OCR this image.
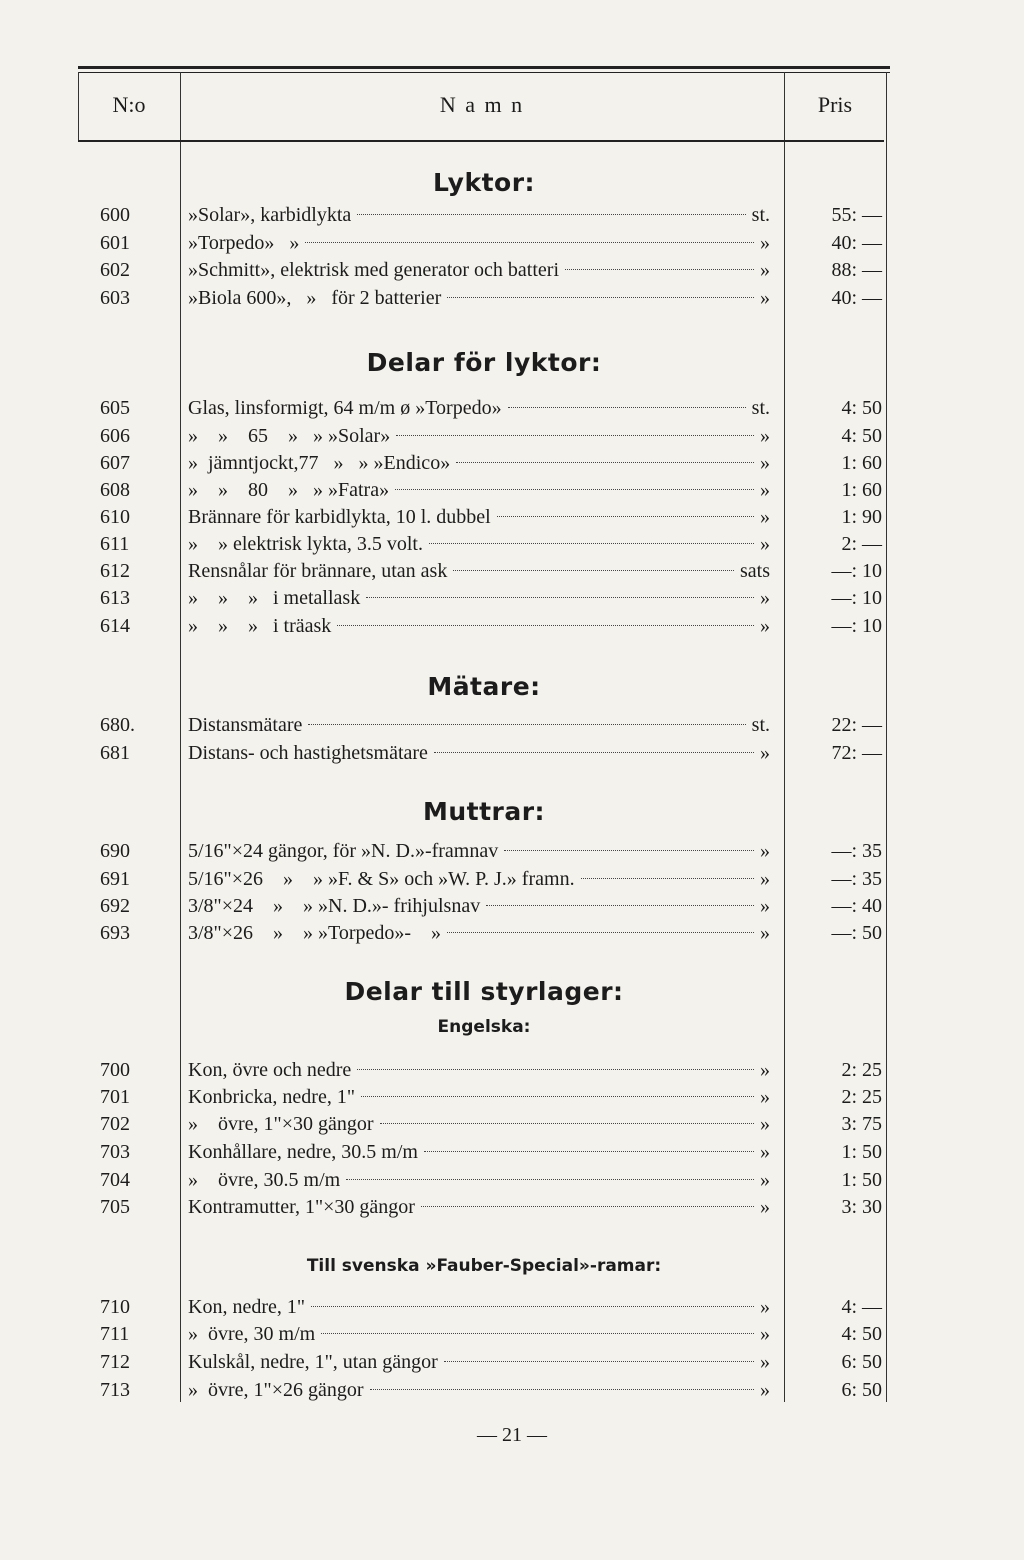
N:o	N a m n	Pris
Lyktor:
600	»Solar», karbidlykta	st.	55: —
601	»Torpedo»   »	»	40: —
602	»Schmitt», elektrisk med generator och batteri	»	88: —
603	»Biola 600»,   »   för 2 batterier	»	40: —
Delar för lyktor:
605	Glas, linsformigt, 64 m/m ø »Torpedo»	st.	4: 50
606	»    »    65    »   » »Solar»	»	4: 50
607	»  jämntjockt,77   »   » »Endico»	»	1: 60
608	»    »    80    »   » »Fatra»	»	1: 60
610	Brännare för karbidlykta, 10 l. dubbel	»	1: 90
611	»    » elektrisk lykta, 3.5 volt.	»	2: —
612	Rensnålar för brännare, utan ask	sats	—: 10
613	»    »    »   i metallask	»	—: 10
614	»    »    »   i träask	»	—: 10
Mätare:
680.	Distansmätare	st.	22: —
681	Distans- och hastighetsmätare	»	72: —
Muttrar:
690	5/16"×24 gängor, för »N. D.»-framnav	»	—: 35
691	5/16"×26    »    » »F. & S» och »W. P. J.» framn.	»	—: 35
692	3/8"×24    »    » »N. D.»- frihjulsnav	»	—: 40
693	3/8"×26    »    » »Torpedo»-    »	»	—: 50
Delar till styrlager:
Engelska:
700	Kon, övre och nedre	»	2: 25
701	Konbricka, nedre, 1"	»	2: 25
702	»    övre, 1"×30 gängor	»	3: 75
703	Konhållare, nedre, 30.5 m/m	»	1: 50
704	»    övre, 30.5 m/m	»	1: 50
705	Kontramutter, 1"×30 gängor	»	3: 30
Till svenska »Fauber-Special»-ramar:
710	Kon, nedre, 1"	»	4: —
711	»  övre, 30 m/m	»	4: 50
712	Kulskål, nedre, 1", utan gängor	»	6: 50
713	»  övre, 1"×26 gängor	»	6: 50
— 21 —
